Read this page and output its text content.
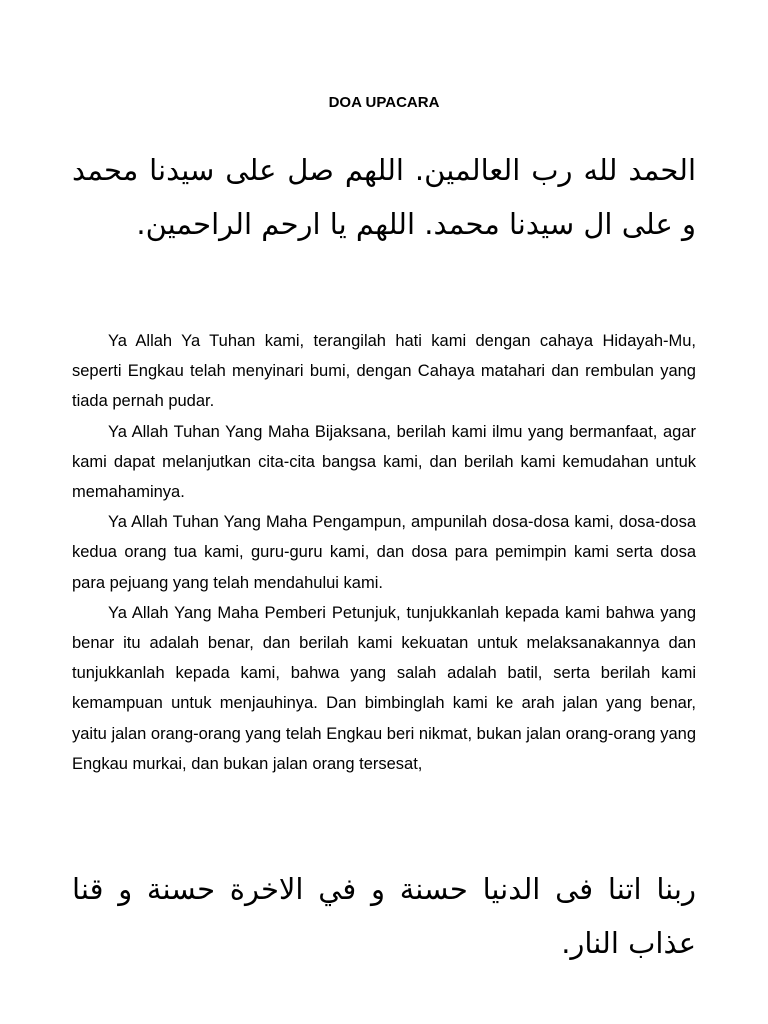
DOA UPACARA
الحمد لله رب العالمين. اللهم صل على سيدنا محمد و على ال سيدنا محمد. اللهم يا ارحم الراحمين.

Ya Allah Ya Tuhan kami, terangilah hati kami dengan cahaya Hidayah-Mu, seperti Engkau telah menyinari bumi, dengan Cahaya matahari dan rembulan yang tiada pernah pudar.

Ya Allah Tuhan Yang Maha Bijaksana, berilah kami ilmu yang bermanfaat, agar kami dapat melanjutkan cita-cita bangsa kami, dan berilah kami kemudahan untuk memahaminya.

Ya Allah Tuhan Yang Maha Pengampun, ampunilah dosa-dosa kami, dosa-dosa kedua orang tua kami, guru-guru kami, dan dosa para pemimpin kami serta dosa para pejuang yang telah mendahului kami.

Ya Allah Yang Maha Pemberi Petunjuk, tunjukkanlah kepada kami bahwa yang benar itu adalah benar, dan berilah kami kekuatan untuk melaksanakannya dan tunjukkanlah kepada kami, bahwa yang salah adalah batil, serta berilah kami kemampuan untuk menjauhinya. Dan bimbinglah kami ke arah jalan yang benar, yaitu jalan orang-orang yang telah Engkau beri nikmat, bukan jalan orang-orang yang Engkau murkai, dan bukan jalan orang tersesat,

ربنا اتنا فى الدنيا حسنة و في الاخرة حسنة و قنا عذاب النار.
